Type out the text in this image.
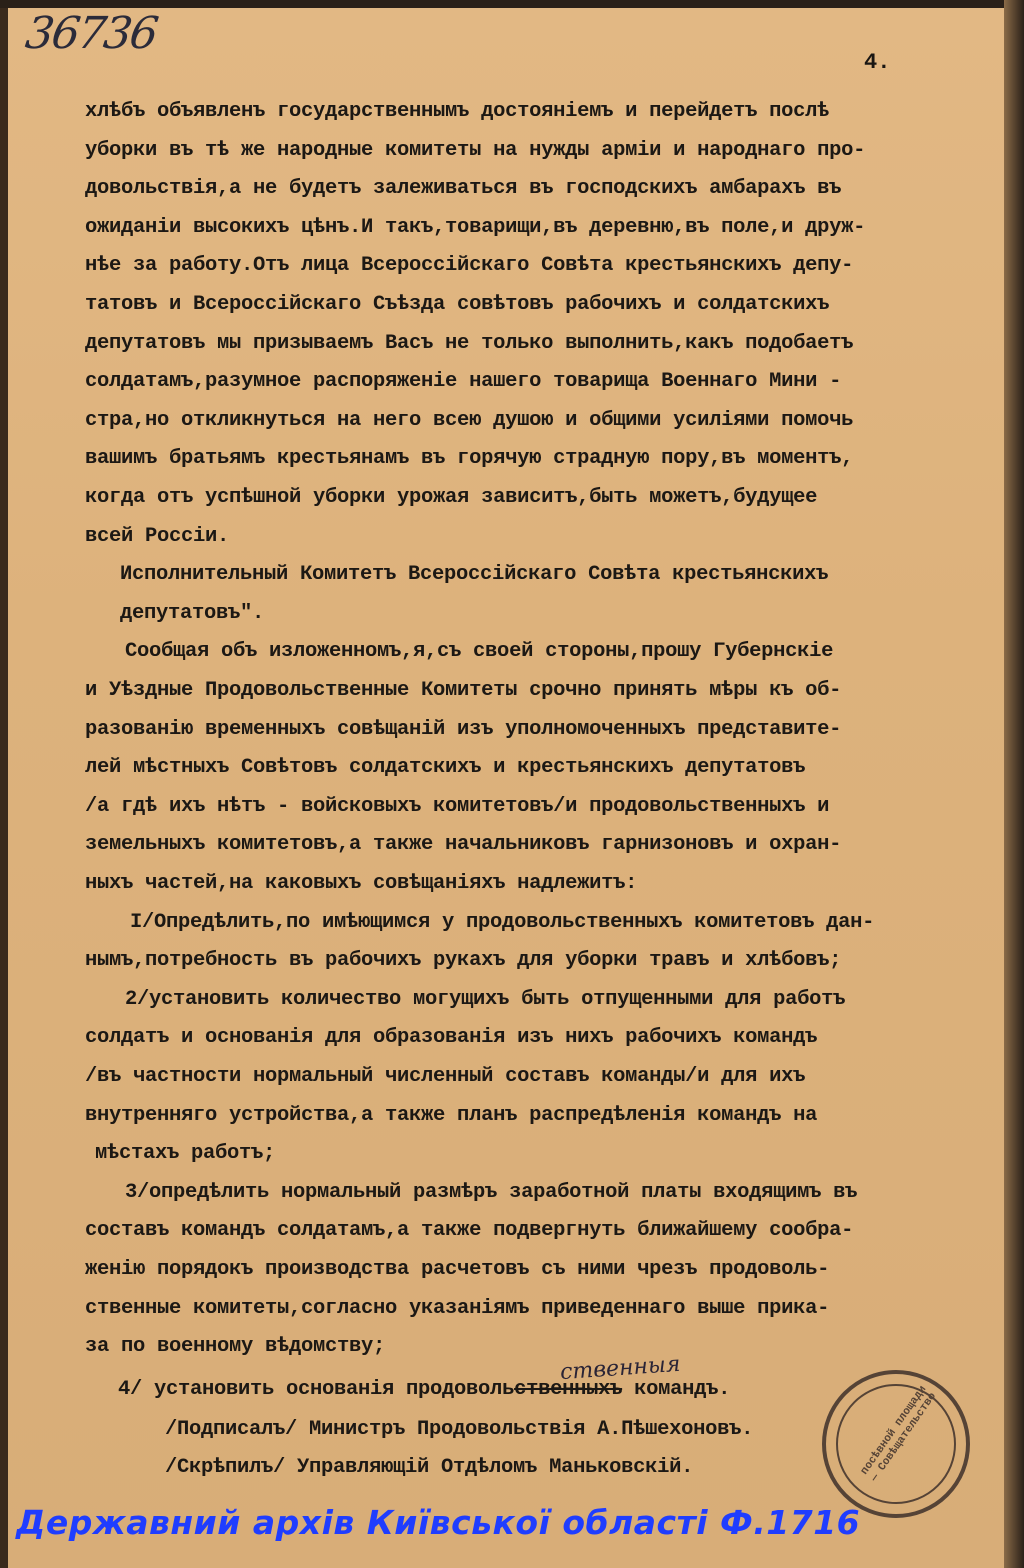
36736
4.
хлѣбъ объявленъ государственнымъ достояніемъ и перейдетъ послѣ
уборки въ тѣ же народные комитеты на нужды арміи и народнаго про-
довольствія,а не будетъ залеживаться въ господскихъ амбарахъ въ
ожиданіи высокихъ цѣнъ.И такъ,товарищи,въ деревню,въ поле,и друж-
нѣе за работу.Отъ лица Всероссійскаго Совѣта крестьянскихъ депу-
татовъ и Всероссійскаго Съѣзда совѣтовъ рабочихъ и солдатскихъ
депутатовъ мы призываемъ Васъ не только выполнить,какъ подобаетъ
солдатамъ,разумное распоряженіе нашего товарища Военнаго Мини -
стра,но откликнуться на него всею душою и общими усиліями помочь
вашимъ братьямъ крестьянамъ въ горячую страдную пору,въ моментъ,
когда отъ успѣшной уборки урожая зависитъ,быть можетъ,будущее
всей Россіи.
Исполнительный Комитетъ Всероссійскаго Совѣта крестьянскихъ
депутатовъ".
Сообщая объ изложенномъ,я,съ своей стороны,прошу Губернскіе
и Уѣздные Продовольственные Комитеты срочно принять мѣры къ об-
разованію временныхъ совѣщаній изъ уполномоченныхъ представите-
лей мѣстныхъ Совѣтовъ солдатскихъ и крестьянскихъ депутатовъ
/а гдѣ ихъ нѣтъ - войсковыхъ комитетовъ/и продовольственныхъ и
земельныхъ комитетовъ,а также начальниковъ гарнизоновъ и охран-
ныхъ частей,на каковыхъ совѣщаніяхъ надлежитъ:
I/Опредѣлить,по имѣющимся у продовольственныхъ комитетовъ дан-
нымъ,потребность въ рабочихъ рукахъ для уборки травъ и хлѣбовъ;
2/установить количество могущихъ быть отпущенными для работъ
солдатъ и основанія для образованія изъ нихъ рабочихъ командъ
/въ частности нормальный численный составъ команды/и для ихъ
внутренняго устройства,а также планъ распредѣленія командъ на
мѣстахъ работъ;
3/опредѣлить нормальный размѣръ заработной платы входящимъ въ
составъ командъ солдатамъ,а также подвергнуть ближайшему сообра-
женію порядокъ производства расчетовъ съ ними чрезъ продоволь-
ственные комитеты,согласно указаніямъ приведеннаго выше прика-
за по военному вѣдомству;
4/ установить основанія продовольственныхъ командъ.
ственныя
/Подписалъ/ Министръ Продовольствія А.Пѣшехоновъ.
/Скрѣпилъ/ Управляющій Отдѣломъ Маньковскій.	посѣвной площади — Совѣщательство
Державний архів Київської області Ф.1716
